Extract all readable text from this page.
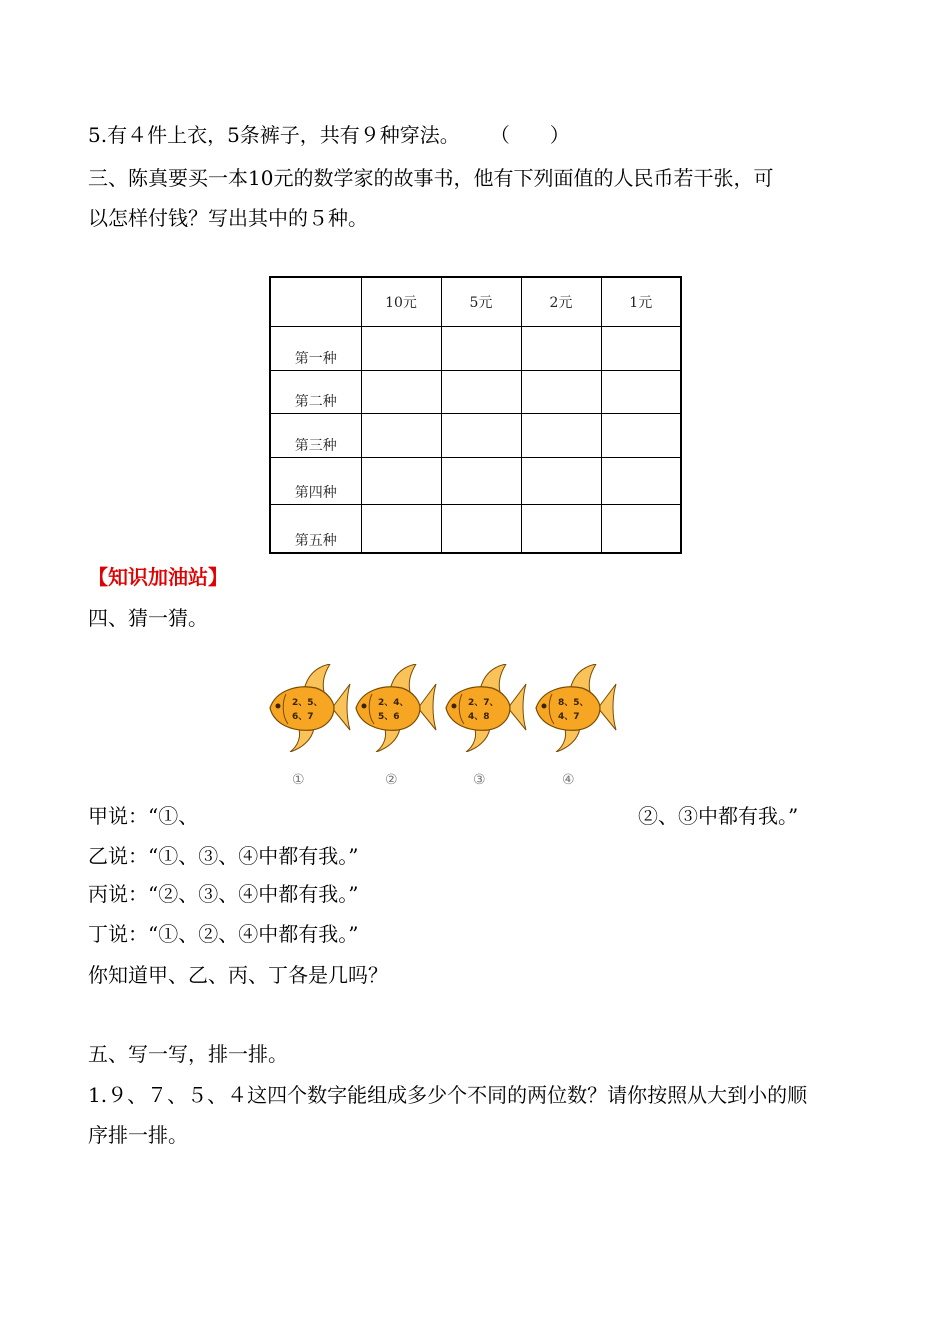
5.有４件上衣，5条裤子，共有９种穿法。 （　　）
三、陈真要买一本10元的数学家的故事书，他有下列面值的人民币若干张，可
以怎样付钱？写出其中的５种。
	10元	5元	2元	1元
第一种				
第二种				
第三种				
第四种				
第五种				
【知识加油站】
四、猜一猜。
2、5、
6、7
2、4、
5、6
2、7、
4、8
8、5、
4、7
①	②	③	④
甲说：“①、	②、③中都有我。”
乙说：“①、③、④中都有我。”
丙说：“②、③、④中都有我。”
丁说：“①、②、④中都有我。”
你知道甲、乙、丙、丁各是几吗？
五、写一写，排一排。
1.９、７、５、４这四个数字能组成多少个不同的两位数？请你按照从大到小的顺
序排一排。
